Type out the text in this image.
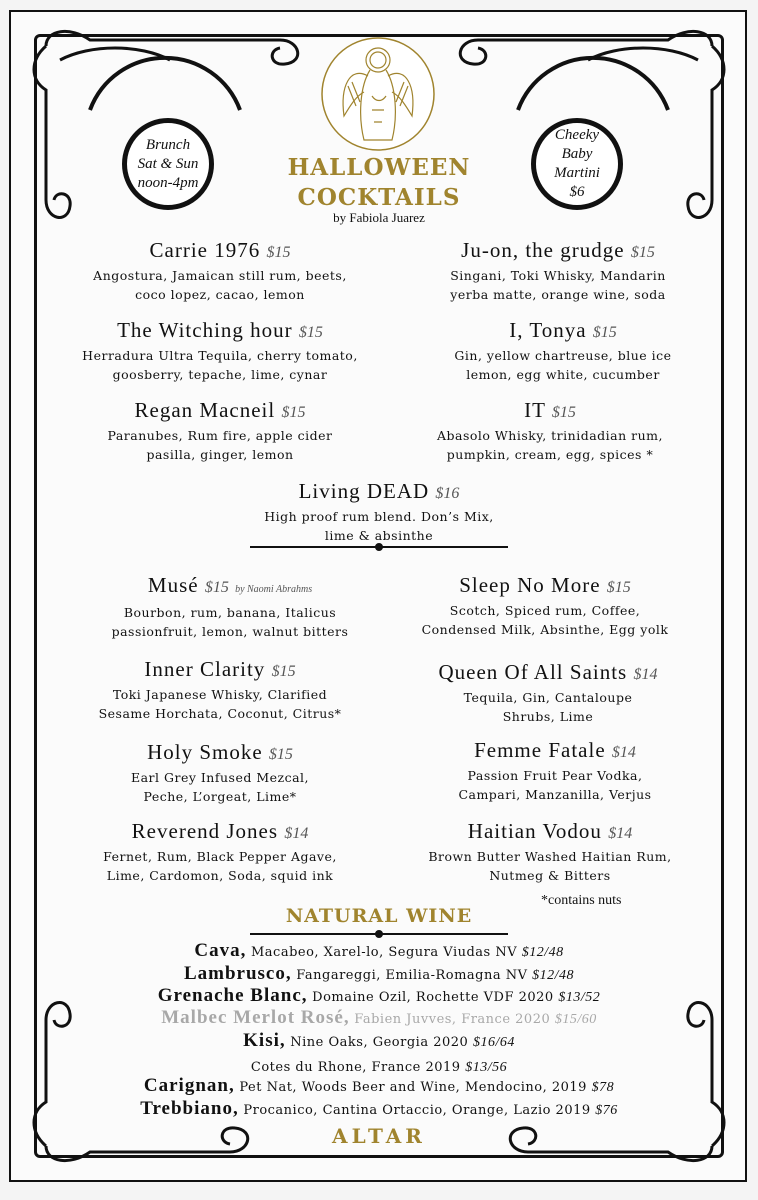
Brunch
Sat & Sun
noon-4pm
Cheeky Baby
Martini
$6
HALLOWEEN
COCKTAILS
by Fabiola Juarez
Carrie 1976 $15
Angostura, Jamaican still rum, beets,
coco lopez, cacao, lemon
Ju-on, the grudge $15
Singani, Toki Whisky, Mandarin
yerba matte, orange wine, soda
The Witching hour $15
Herradura Ultra Tequila, cherry tomato,
goosberry, tepache, lime, cynar
I, Tonya $15
Gin, yellow chartreuse, blue ice
lemon, egg white, cucumber
Regan Macneil $15
Paranubes, Rum fire, apple cider
pasilla, ginger, lemon
IT $15
Abasolo Whisky, trinidadian rum,
pumpkin, cream, egg, spices *
Living DEAD $16
High proof rum blend. Don’s Mix,
lime & absinthe
Musé $15 by Naomi Abrahms
Bourbon, rum, banana, Italicus
passionfruit, lemon, walnut bitters
Sleep No More $15
Scotch, Spiced rum, Coffee,
Condensed Milk, Absinthe, Egg yolk
Inner Clarity $15
Toki Japanese Whisky, Clarified
Sesame Horchata, Coconut, Citrus*
Queen Of All Saints $14
Tequila, Gin, Cantaloupe
Shrubs, Lime
Holy Smoke $15
Earl Grey Infused Mezcal,
Peche, L’orgeat, Lime*
Femme Fatale $14
Passion Fruit Pear Vodka,
Campari, Manzanilla, Verjus
Reverend Jones $14
Fernet, Rum, Black Pepper Agave,
Lime, Cardomon, Soda, squid ink
Haitian Vodou $14
Brown Butter Washed Haitian Rum,
Nutmeg & Bitters
*contains nuts
NATURAL WINE
Cava, Macabeo, Xarel-lo, Segura Viudas NV $12/48
Lambrusco, Fangareggi, Emilia-Romagna NV $12/48
Grenache Blanc, Domaine Ozil, Rochette VDF 2020 $13/52
Malbec Merlot Rosé, Fabien Juvves, France 2020 $15/60
Kisi, Nine Oaks, Georgia 2020 $16/64
Cotes du Rhone, France 2019 $13/56
Carignan, Pet Nat, Woods Beer and Wine, Mendocino, 2019 $78
Trebbiano, Procanico, Cantina Ortaccio, Orange, Lazio 2019 $76
ALTAR
